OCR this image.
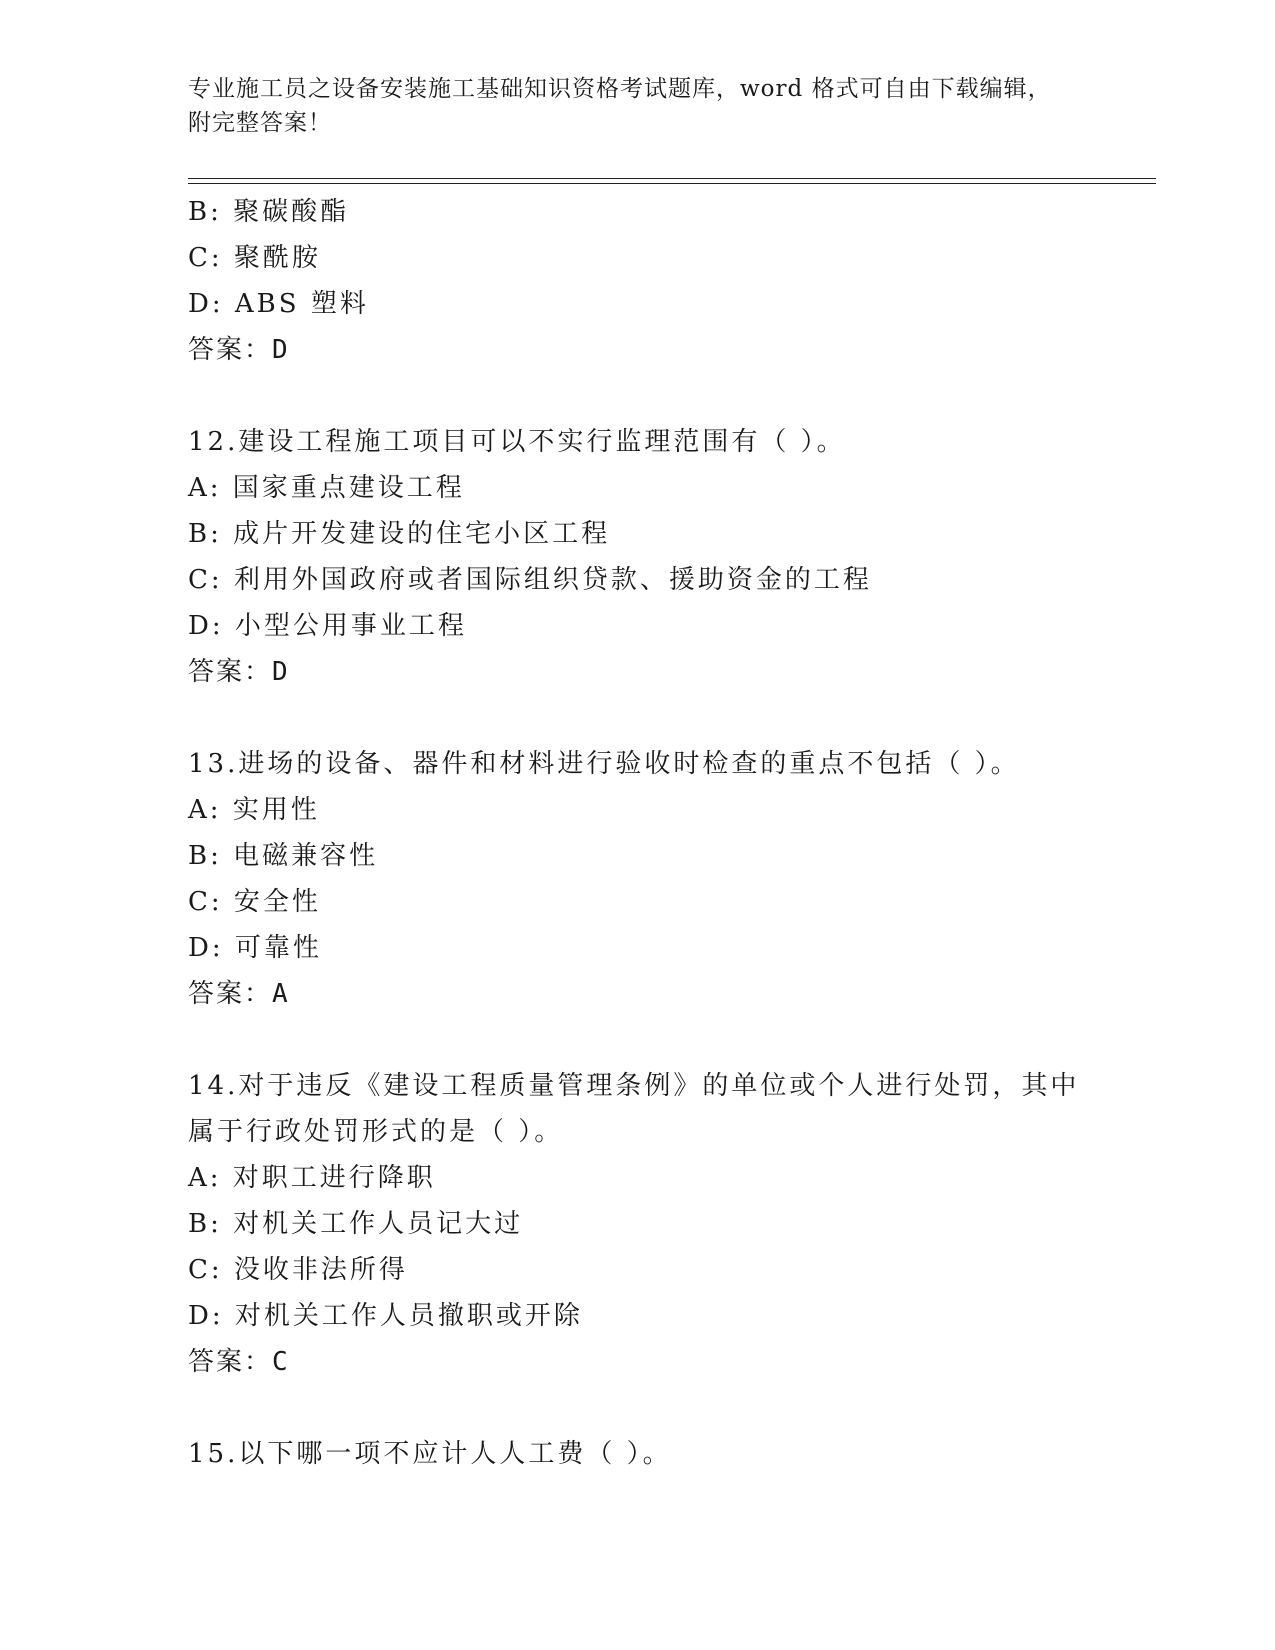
专业施工员之设备安装施工基础知识资格考试题库，word 格式可自由下载编辑，
附完整答案！
B: 聚碳酸酯
C: 聚酰胺
D: ABS 塑料
答案：D
12.建设工程施工项目可以不实行监理范围有（ ）。
A: 国家重点建设工程
B: 成片开发建设的住宅小区工程
C: 利用外国政府或者国际组织贷款、援助资金的工程
D: 小型公用事业工程
答案：D
13.进场的设备、器件和材料进行验收时检查的重点不包括（ ）。
A: 实用性
B: 电磁兼容性
C: 安全性
D: 可靠性
答案：A
14.对于违反《建设工程质量管理条例》的单位或个人进行处罚，其中
属于行政处罚形式的是（ ）。
A: 对职工进行降职
B: 对机关工作人员记大过
C: 没收非法所得
D: 对机关工作人员撤职或开除
答案：C
15.以下哪一项不应计人人工费（ ）。
